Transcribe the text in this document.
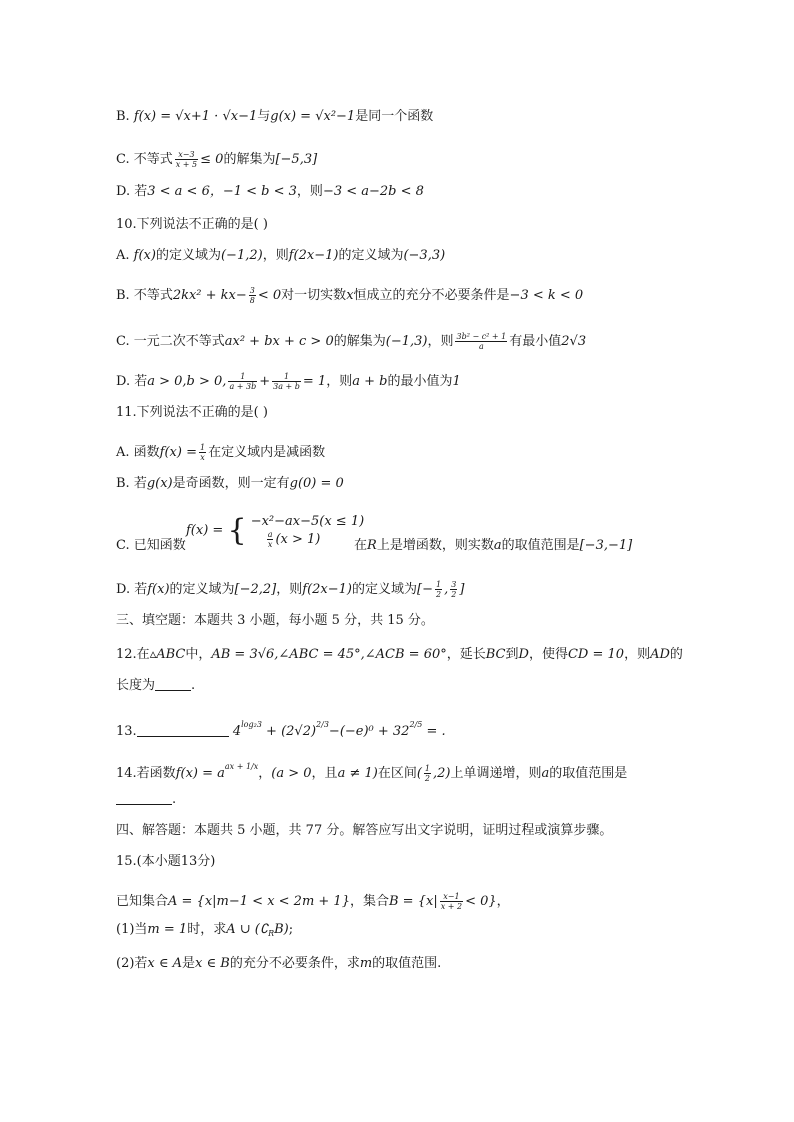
B. f(x) = √x+1 · √x−1与g(x) = √x²−1是同一个函数
C. 不等式 $\frac{x-3}{x + 5} \le 0$的解集为[−5,3]
D. 若3 < a < 6，−1 < b < 3，则−3 < a−2b < 8
10.下列说法不正确的是( )
A. f(x)的定义域为(−1,2)，则f(2x−1)的定义域为(−3,3)
B. 不等式$2kx^2 + kx- \frac{3}{8} < 0$对一切实数x恒成立的充分不必要条件是−3 < k < 0
C. 一元二次不等式ax² + bx + c > 0的解集为(−1,3)，则 $\frac{\text{3b² − c² + 1}}{a}$ 有最小值2√3
D. 若a > 0,b > 0, $\frac{1}{a + 3b} + \frac{1}{3a + b} = 1$，则a + b的最小值为1
11.下列说法不正确的是( )
A. 函数$f(x) = \frac{1}{x}$ 在定义域内是减函数
B. 若g(x)是奇函数，则一定有g(0) = 0
f(x) = { −x²−ax−5(x ≤ 1)

$\frac{a}{x} (x > 1)$
C. 已知函数	在R上是增函数，则实数a的取值范围是[−3,−1]
D. 若f(x)的定义域为[−2,2]，则f(2x−1)的定义域为[− $\frac{1}{2}$ , $\frac{3}{2}$ ]
三、填空题：本题共 3 小题，每小题 5 分，共 15 分。
12.在▵ABC中，AB = 3√6,∠ABC = 45°,∠ACB = 60°，延长BC到D，使得CD = 10，则AD的
长度为	.
13.	$4^{log_23} + (2√2)^{2/3}-(-e)^0 + 32^{2/5}$ = .
14.若函数$f(x) = a^{ax + 1/x}$，(a > 0，且a ≠ 1)在区间( $\frac{1}{2} ,2$)上单调递增，则a的取值范围是
.
四、解答题：本题共 5 小题，共 77 分。解答应写出文字说明，证明过程或演算步骤。
15.(本小题13分)
已知集合A = {x|m−1 < x < 2m + 1}，集合$B = \{x| \frac{x-1}{x + 2} < 0\}$，
(1)当m = 1时，求A ∪ $(∁_RB)$;
(2)若x ∈ A是x ∈ B的充分不必要条件，求m的取值范围.
